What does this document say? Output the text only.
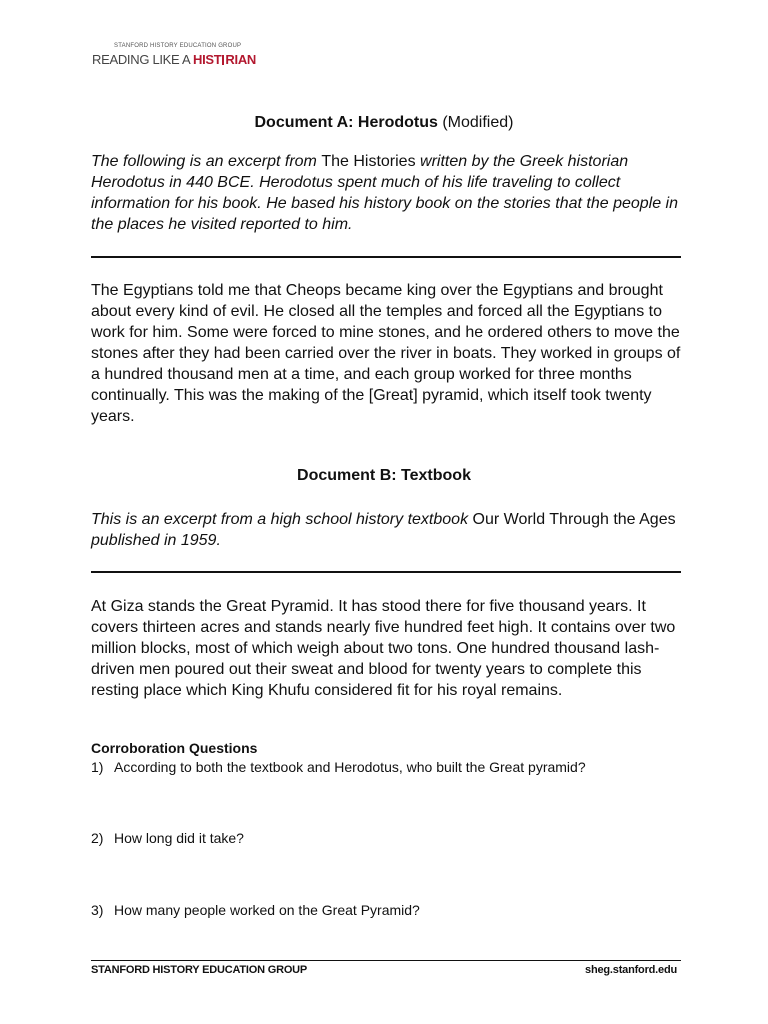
STANFORD HISTORY EDUCATION GROUP
READING LIKE A HIST RIAN
Document A: Herodotus (Modified)
The following is an excerpt from The Histories written by the Greek historian Herodotus in 440 BCE. Herodotus spent much of his life traveling to collect information for his book. He based his history book on the stories that the people in the places he visited reported to him.
The Egyptians told me that Cheops became king over the Egyptians and brought about every kind of evil. He closed all the temples and forced all the Egyptians to work for him. Some were forced to mine stones, and he ordered others to move the stones after they had been carried over the river in boats. They worked in groups of a hundred thousand men at a time, and each group worked for three months continually. This was the making of the [Great] pyramid, which itself took twenty years.
Document B: Textbook
This is an excerpt from a high school history textbook Our World Through the Ages published in 1959.
At Giza stands the Great Pyramid. It has stood there for five thousand years. It covers thirteen acres and stands nearly five hundred feet high. It contains over two million blocks, most of which weigh about two tons. One hundred thousand lash-driven men poured out their sweat and blood for twenty years to complete this resting place which King Khufu considered fit for his royal remains.
Corroboration Questions
1) According to both the textbook and Herodotus, who built the Great pyramid?
2) How long did it take?
3) How many people worked on the Great Pyramid?
STANFORD HISTORY EDUCATION GROUP	sheg.stanford.edu
